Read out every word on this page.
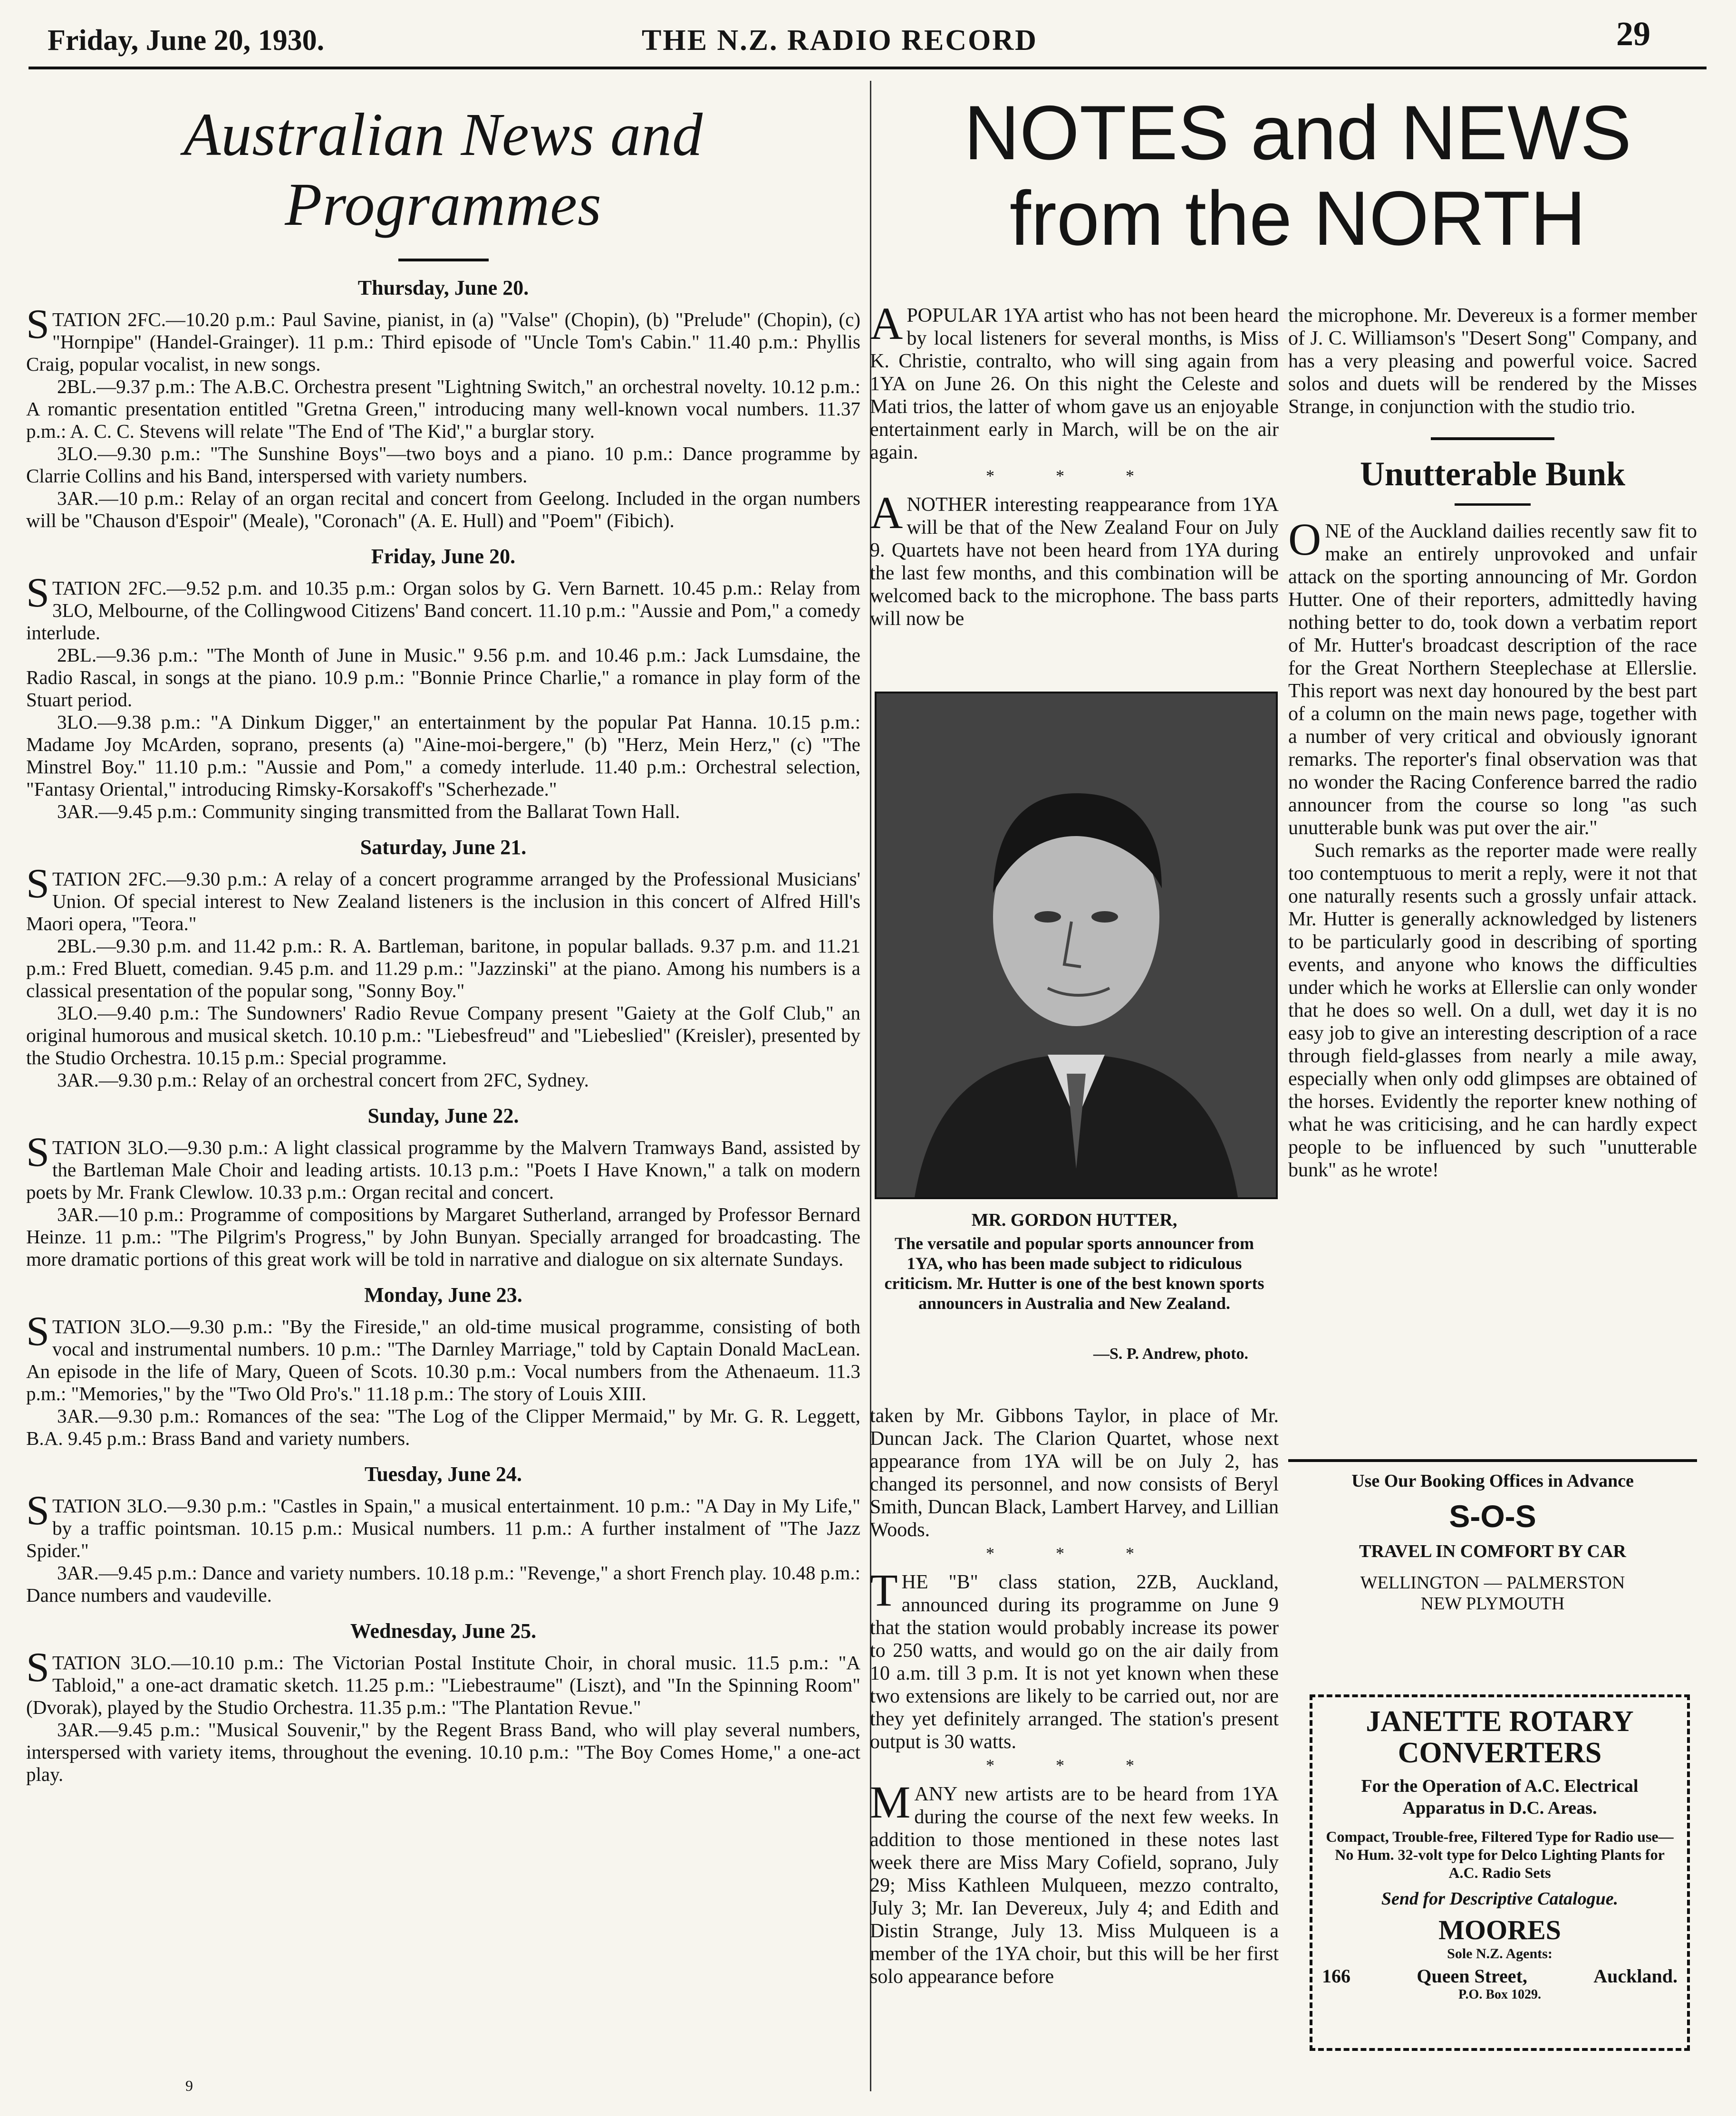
Friday, June 20, 1930.	THE N.Z. RADIO RECORD	29
Australian News and Programmes
Thursday, June 20.

STATION 2FC.—10.20 p.m.: Paul Savine, pianist, in (a) "Valse" (Chopin), (b) "Prelude" (Chopin), (c) "Hornpipe" (Handel-Grainger). 11 p.m.: Third episode of "Uncle Tom's Cabin." 11.40 p.m.: Phyllis Craig, popular vocalist, in new songs.

2BL.—9.37 p.m.: The A.B.C. Orchestra present "Lightning Switch," an orchestral novelty. 10.12 p.m.: A romantic presentation entitled "Gretna Green," introducing many well-known vocal numbers. 11.37 p.m.: A. C. C. Stevens will relate "The End of 'The Kid'," a burglar story.

3LO.—9.30 p.m.: "The Sunshine Boys"—two boys and a piano. 10 p.m.: Dance programme by Clarrie Collins and his Band, interspersed with variety numbers.

3AR.—10 p.m.: Relay of an organ recital and concert from Geelong. Included in the organ numbers will be "Chauson d'Espoir" (Meale), "Coronach" (A. E. Hull) and "Poem" (Fibich).

Friday, June 20.

STATION 2FC.—9.52 p.m. and 10.35 p.m.: Organ solos by G. Vern Barnett. 10.45 p.m.: Relay from 3LO, Melbourne, of the Collingwood Citizens' Band concert. 11.10 p.m.: "Aussie and Pom," a comedy interlude.

2BL.—9.36 p.m.: "The Month of June in Music." 9.56 p.m. and 10.46 p.m.: Jack Lumsdaine, the Radio Rascal, in songs at the piano. 10.9 p.m.: "Bonnie Prince Charlie," a romance in play form of the Stuart period.

3LO.—9.38 p.m.: "A Dinkum Digger," an entertainment by the popular Pat Hanna. 10.15 p.m.: Madame Joy McArden, soprano, presents (a) "Aine-moi-bergere," (b) "Herz, Mein Herz," (c) "The Minstrel Boy." 11.10 p.m.: "Aussie and Pom," a comedy interlude. 11.40 p.m.: Orchestral selection, "Fantasy Oriental," introducing Rimsky-Korsakoff's "Scherhezade."

3AR.—9.45 p.m.: Community singing transmitted from the Ballarat Town Hall.

Saturday, June 21.

STATION 2FC.—9.30 p.m.: A relay of a concert programme arranged by the Professional Musicians' Union. Of special interest to New Zealand listeners is the inclusion in this concert of Alfred Hill's Maori opera, "Teora."

2BL.—9.30 p.m. and 11.42 p.m.: R. A. Bartleman, baritone, in popular ballads. 9.37 p.m. and 11.21 p.m.: Fred Bluett, comedian. 9.45 p.m. and 11.29 p.m.: "Jazzinski" at the piano. Among his numbers is a classical presentation of the popular song, "Sonny Boy."

3LO.—9.40 p.m.: The Sundowners' Radio Revue Company present "Gaiety at the Golf Club," an original humorous and musical sketch. 10.10 p.m.: "Liebesfreud" and "Liebeslied" (Kreisler), presented by the Studio Orchestra. 10.15 p.m.: Special programme.

3AR.—9.30 p.m.: Relay of an orchestral concert from 2FC, Sydney.

Sunday, June 22.

STATION 3LO.—9.30 p.m.: A light classical programme by the Malvern Tramways Band, assisted by the Bartleman Male Choir and leading artists. 10.13 p.m.: "Poets I Have Known," a talk on modern poets by Mr. Frank Clewlow. 10.33 p.m.: Organ recital and concert.

3AR.—10 p.m.: Programme of compositions by Margaret Sutherland, arranged by Professor Bernard Heinze. 11 p.m.: "The Pilgrim's Progress," by John Bunyan. Specially arranged for broadcasting. The more dramatic portions of this great work will be told in narrative and dialogue on six alternate Sundays.

Monday, June 23.

STATION 3LO.—9.30 p.m.: "By the Fireside," an old-time musical programme, consisting of both vocal and instrumental numbers. 10 p.m.: "The Darnley Marriage," told by Captain Donald MacLean. An episode in the life of Mary, Queen of Scots. 10.30 p.m.: Vocal numbers from the Athenaeum. 11.3 p.m.: "Memories," by the "Two Old Pro's." 11.18 p.m.: The story of Louis XIII.

3AR.—9.30 p.m.: Romances of the sea: "The Log of the Clipper Mermaid," by Mr. G. R. Leggett, B.A. 9.45 p.m.: Brass Band and variety numbers.

Tuesday, June 24.

STATION 3LO.—9.30 p.m.: "Castles in Spain," a musical entertainment. 10 p.m.: "A Day in My Life," by a traffic pointsman. 10.15 p.m.: Musical numbers. 11 p.m.: A further instalment of "The Jazz Spider."

3AR.—9.45 p.m.: Dance and variety numbers. 10.18 p.m.: "Revenge," a short French play. 10.48 p.m.: Dance numbers and vaudeville.

Wednesday, June 25.

STATION 3LO.—10.10 p.m.: The Victorian Postal Institute Choir, in choral music. 11.5 p.m.: "A Tabloid," a one-act dramatic sketch. 11.25 p.m.: "Liebestraume" (Liszt), and "In the Spinning Room" (Dvorak), played by the Studio Orchestra. 11.35 p.m.: "The Plantation Revue."

3AR.—9.45 p.m.: "Musical Souvenir," by the Regent Brass Band, who will play several numbers, interspersed with variety items, throughout the evening. 10.10 p.m.: "The Boy Comes Home," a one-act play.

NOTES and NEWS
from the NORTH

A POPULAR 1YA artist who has not been heard by local listeners for several months, is Miss K. Christie, contralto, who will sing again from 1YA on June 26. On this night the Celeste and Mati trios, the latter of whom gave us an enjoyable entertainment early in March, will be on the air again.

* * *

ANOTHER interesting reappearance from 1YA will be that of the New Zealand Four on July 9. Quartets have not been heard from 1YA during the last few months, and this combination will be welcomed back to the microphone. The bass parts will now be

MR. GORDON HUTTER,
The versatile and popular sports announcer from 1YA, who has been made subject to ridiculous criticism. Mr. Hutter is one of the best known sports announcers in Australia and New Zealand.
—S. P. Andrew, photo.

taken by Mr. Gibbons Taylor, in place of Mr. Duncan Jack. The Clarion Quartet, whose next appearance from 1YA will be on July 2, has changed its personnel, and now consists of Beryl Smith, Duncan Black, Lambert Harvey, and Lillian Woods.

* * *

THE "B" class station, 2ZB, Auckland, announced during its programme on June 9 that the station would probably increase its power to 250 watts, and would go on the air daily from 10 a.m. till 3 p.m. It is not yet known when these two extensions are likely to be carried out, nor are they yet definitely arranged. The station's present output is 30 watts.

* * *

MANY new artists are to be heard from 1YA during the course of the next few weeks. In addition to those mentioned in these notes last week there are Miss Mary Cofield, soprano, July 29; Miss Kathleen Mulqueen, mezzo contralto, July 3; Mr. Ian Devereux, July 4; and Edith and Distin Strange, July 13. Miss Mulqueen is a member of the 1YA choir, but this will be her first solo appearance before

the microphone. Mr. Devereux is a former member of J. C. Williamson's "Desert Song" Company, and has a very pleasing and powerful voice. Sacred solos and duets will be rendered by the Misses Strange, in conjunction with the studio trio.

Unutterable Bunk

ONE of the Auckland dailies recently saw fit to make an entirely unprovoked and unfair attack on the sporting announcing of Mr. Gordon Hutter. One of their reporters, admittedly having nothing better to do, took down a verbatim report of Mr. Hutter's broadcast description of the race for the Great Northern Steeplechase at Ellerslie. This report was next day honoured by the best part of a column on the main news page, together with a number of very critical and obviously ignorant remarks. The reporter's final observation was that no wonder the Racing Conference barred the radio announcer from the course so long "as such unutterable bunk was put over the air."

Such remarks as the reporter made were really too contemptuous to merit a reply, were it not that one naturally resents such a grossly unfair attack. Mr. Hutter is generally acknowledged by listeners to be particularly good in describing of sporting events, and anyone who knows the difficulties under which he works at Ellerslie can only wonder that he does so well. On a dull, wet day it is no easy job to give an interesting description of a race through field-glasses from nearly a mile away, especially when only odd glimpses are obtained of the horses. Evidently the reporter knew nothing of what he was criticising, and he can hardly expect people to be influenced by such "unutterable bunk" as he wrote!

Use Our Booking Offices in Advance
S-O-S
TRAVEL IN COMFORT BY CAR
WELLINGTON — PALMERSTON
NEW PLYMOUTH
JANETTE ROTARY
CONVERTERS
For the Operation of A.C. Electrical Apparatus in D.C. Areas.
Compact, Trouble-free, Filtered Type for Radio use—No Hum. 32-volt type for Delco Lighting Plants for A.C. Radio Sets
Send for Descriptive Catalogue.
MOORES
Sole N.Z. Agents:
166	Queen Street,	Auckland.
P.O. Box 1029.
9
